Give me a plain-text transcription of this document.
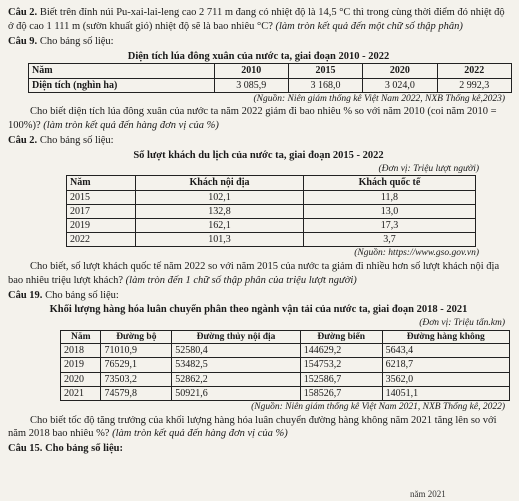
Câu 2. Biết trên đỉnh núi Pu-xai-lai-leng cao 2 711 m đang có nhiệt độ là 14,5 °C thì trong cùng thời điểm đó nhiệt độ ở độ cao 1 111 m (sườn khuất gió) nhiệt độ sẽ là bao nhiêu °C? (làm tròn kết quả đến một chữ số thập phân)

Câu 9. Cho bảng số liệu:

Diện tích lúa đông xuân của nước ta, giai đoạn 2010 - 2022

Năm	2010	2015	2020	2022
Diện tích (nghìn ha)	3 085,9	3 168,0	3 024,0	2 992,3

(Nguồn: Niên giám thống kê Việt Nam 2022, NXB Thống kê,2023)

Cho biết diện tích lúa đông xuân của nước ta năm 2022 giảm đi bao nhiêu % so với năm 2010 (coi năm 2010 = 100%)? (làm tròn kết quả đến hàng đơn vị của %)

Câu 2. Cho bảng số liệu:

Số lượt khách du lịch của nước ta, giai đoạn 2015 - 2022

(Đơn vị: Triệu lượt người)

Năm	Khách nội địa	Khách quốc tế
2015	102,1	11,8
2017	132,8	13,0
2019	162,1	17,3
2022	101,3	3,7

(Nguồn: https://www.gso.gov.vn)

Cho biết, số lượt khách quốc tế năm 2022 so với năm 2015 của nước ta giảm đi nhiều hơn số lượt khách nội địa bao nhiêu triệu lượt khách? (làm tròn đến 1 chữ số thập phân của triệu lượt người)

Câu 19. Cho bảng số liệu:

Khối lượng hàng hóa luân chuyển phân theo ngành vận tải của nước ta, giai đoạn 2018 - 2021

(Đơn vị: Triệu tấn.km)

Năm	Đường bộ	Đường thủy nội địa	Đường biển	Đường hàng không
2018	71010,9	52580,4	144629,2	5643,4
2019	76529,1	53482,5	154753,2	6218,7
2020	73503,2	52862,2	152586,7	3562,0
2021	74579,8	50921,6	158526,7	14051,1

(Nguồn: Niên giám thống kê Việt Nam 2021, NXB Thống kê, 2022)

Cho biết tốc độ tăng trưởng của khối lượng hàng hóa luân chuyển đường hàng không năm 2021 tăng lên so với năm 2018 bao nhiêu %? (làm tròn kết quả đến hàng đơn vị của %)

Câu 15. Cho bảng số liệu:

năm 2021
